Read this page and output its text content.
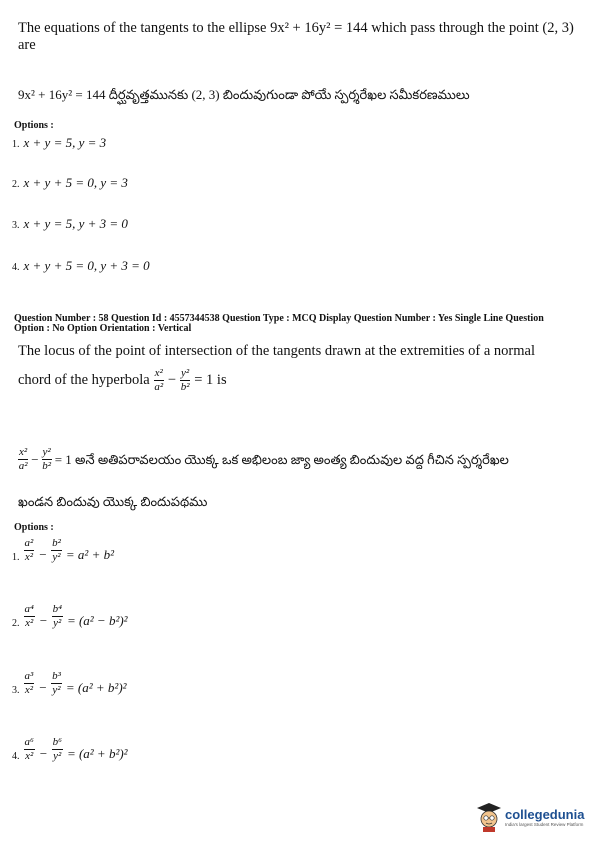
The equations of the tangents to the ellipse 9x² + 16y² = 144 which pass through the point (2, 3) are
9x² + 16y² = 144 దీర్ఘవృత్తమునకు (2, 3) బిందువుగుండా పోయే స్పర్శరేఖల సమీకరణములు
Options :
1. x + y = 5, y = 3
2. x + y + 5 = 0, y = 3
3. x + y = 5, y + 3 = 0
4. x + y + 5 = 0, y + 3 = 0
Question Number : 58 Question Id : 4557344538 Question Type : MCQ Display Question Number : Yes Single Line Question
Option : No Option Orientation : Vertical
The locus of the point of intersection of the tangents drawn at the extremities of a normal
chord of the hyperbola $\frac{\text{x²}}{\text{a²}} - \frac{\text{y²}}{\text{b²}} = 1$ is
$\frac{\text{x²}}{\text{a²}} - \frac{\text{y²}}{\text{b²}} = 1$ అనే అతిపరావలయం యొక్క ఒక అభిలంబ జ్యా అంత్య బిందువుల వద్ద గీచిన స్పర్శరేఖల
ఖండన బిందువు యొక్క బిందుపథము
Options :
1. $\frac{\text{a²}}{\text{x²}} - \frac{\text{b²}}{\text{y²}} = a^2 + b^2$
2. $\frac{\text{a⁴}}{\text{x²}} - \frac{\text{b⁴}}{\text{y²}} = (a^2 - b^2)^2$
3. $\frac{\text{a³}}{\text{x²}} - \frac{\text{b³}}{\text{y²}} = (a^2 + b^2)^2$
4. $\frac{\text{a⁶}}{\text{x²}} - \frac{\text{b⁶}}{\text{y²}} = (a^2 + b^2)^2$
collegedunia
India's largest Student Review Platform
